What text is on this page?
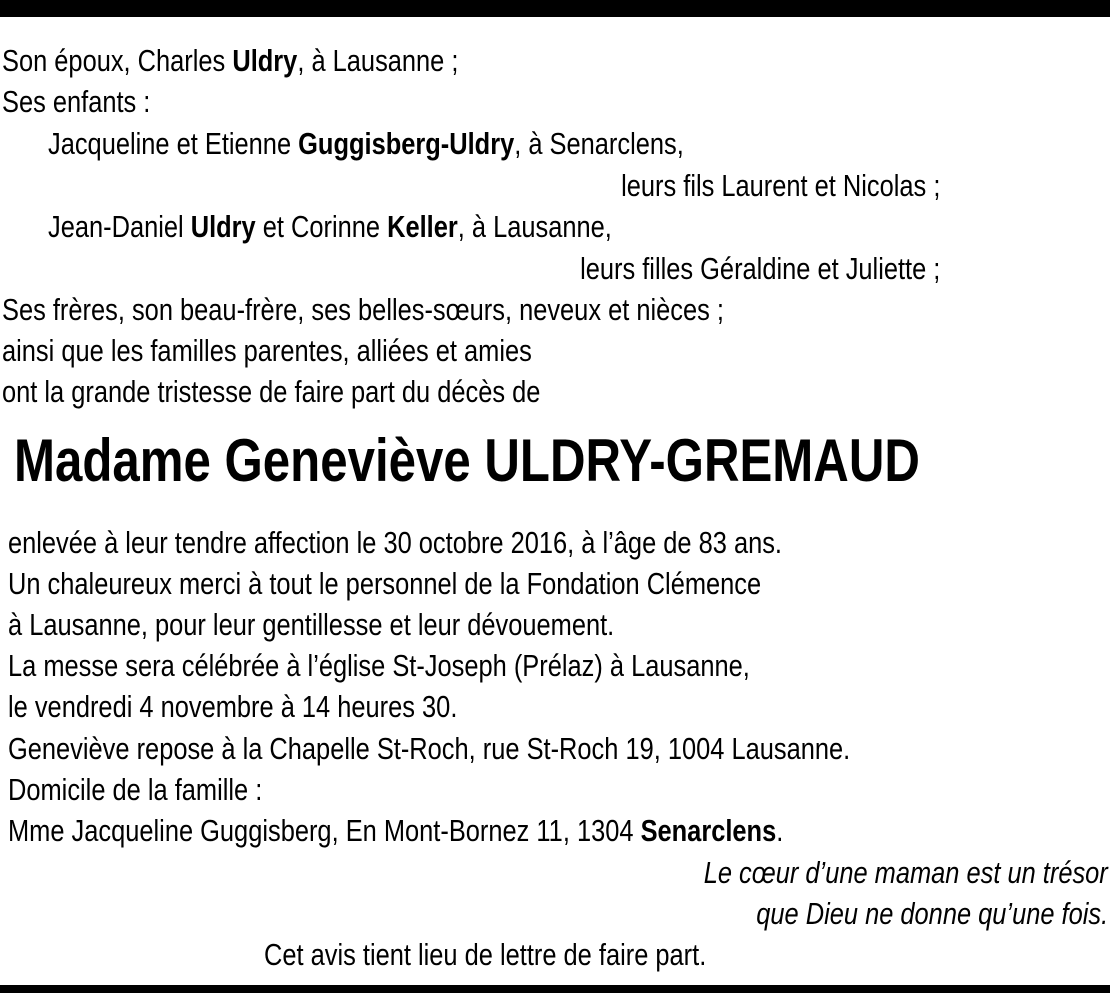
Son époux, Charles Uldry, à Lausanne ;
Ses enfants :
Jacqueline et Etienne Guggisberg-Uldry, à Senarclens,
leurs fils Laurent et Nicolas ;
Jean-Daniel Uldry et Corinne Keller, à Lausanne,
leurs filles Géraldine et Juliette ;
Ses frères, son beau-frère, ses belles-sœurs, neveux et nièces ;
ainsi que les familles parentes, alliées et amies
ont la grande tristesse de faire part du décès de
Madame Geneviève ULDRY-GREMAUD
enlevée à leur tendre affection le 30 octobre 2016, à l’âge de 83 ans.
Un chaleureux merci à tout le personnel de la Fondation Clémence
à Lausanne, pour leur gentillesse et leur dévouement.
La messe sera célébrée à l’église St-Joseph (Prélaz) à Lausanne,
le vendredi 4 novembre à 14 heures 30.
Geneviève repose à la Chapelle St-Roch, rue St-Roch 19, 1004 Lausanne.
Domicile de la famille :
Mme Jacqueline Guggisberg, En Mont-Bornez 11, 1304 Senarclens.
Le cœur d’une maman est un trésor
que Dieu ne donne qu’une fois.
Cet avis tient lieu de lettre de faire part.
